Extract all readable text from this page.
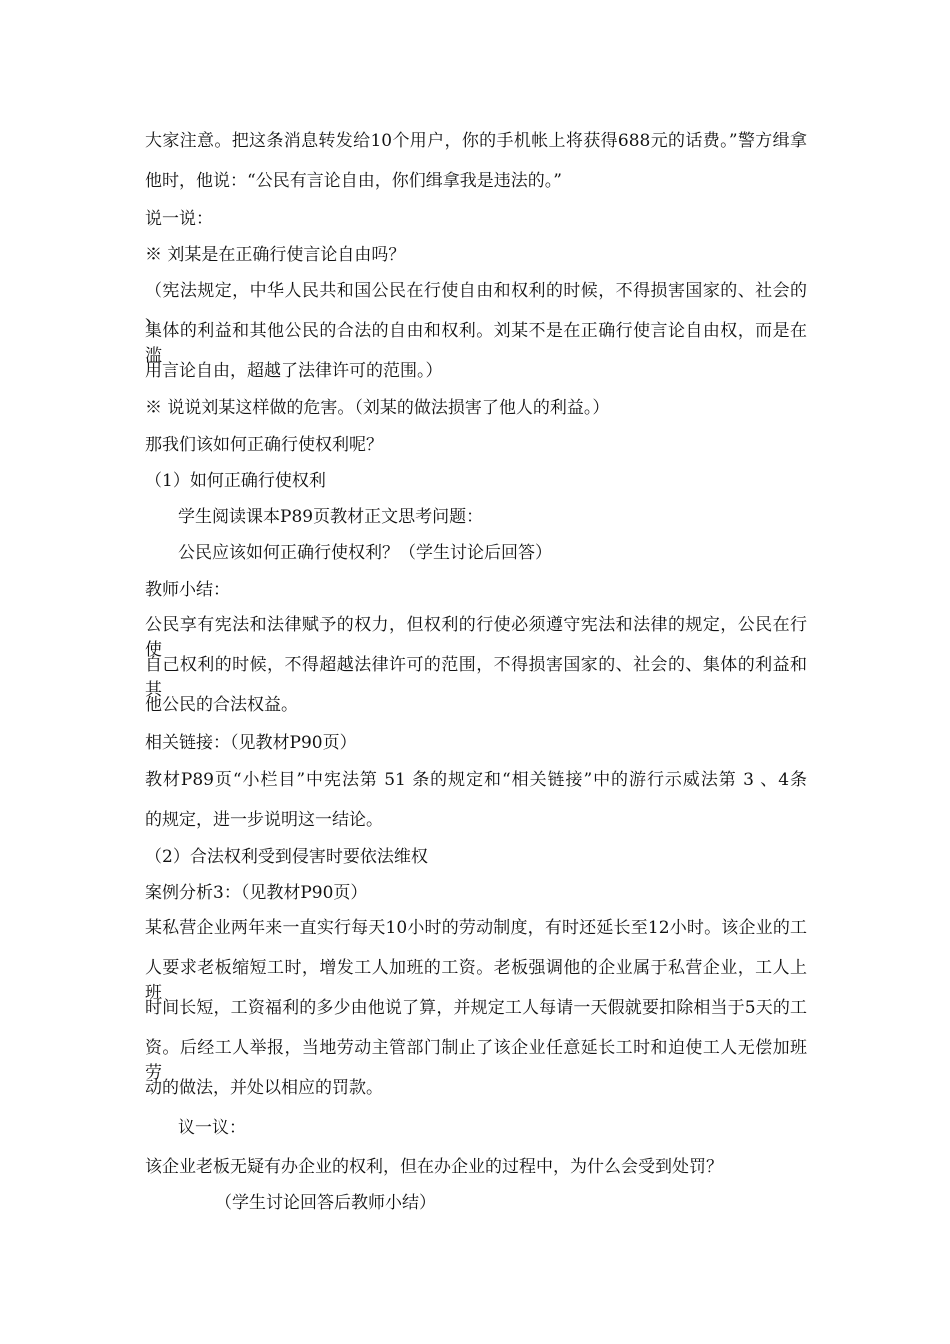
大家注意。把这条消息转发给10个用户，你的手机帐上将获得688元的话费。”警方缉拿
他时，他说：“公民有言论自由，你们缉拿我是违法的。”
说一说：
※ 刘某是在正确行使言论自由吗？
（宪法规定，中华人民共和国公民在行使自由和权利的时候，不得损害国家的、社会的 、
集体的利益和其他公民的合法的自由和权利。刘某不是在正确行使言论自由权，而是在滥
用言论自由，超越了法律许可的范围。）
※ 说说刘某这样做的危害。（刘某的做法损害了他人的利益。）
那我们该如何正确行使权利呢？
（1）如何正确行使权利
学生阅读课本P89页教材正文思考问题：
公民应该如何正确行使权利？（学生讨论后回答）
教师小结：
公民享有宪法和法律赋予的权力，但权利的行使必须遵守宪法和法律的规定，公民在行使
自己权利的时候，不得超越法律许可的范围，不得损害国家的、社会的、集体的利益和其
他公民的合法权益。
相关链接：（见教材P90页）
教材P89页“小栏目”中宪法第 51 条的规定和“相关链接”中的游行示威法第 3 、4条
的规定，进一步说明这一结论。
（2）合法权利受到侵害时要依法维权
案例分析3：（见教材P90页）
某私营企业两年来一直实行每天10小时的劳动制度，有时还延长至12小时。该企业的工
人要求老板缩短工时，增发工人加班的工资。老板强调他的企业属于私营企业，工人上班
时间长短，工资福利的多少由他说了算，并规定工人每请一天假就要扣除相当于5天的工
资。后经工人举报，当地劳动主管部门制止了该企业任意延长工时和迫使工人无偿加班劳
动的做法，并处以相应的罚款。
议一议：
该企业老板无疑有办企业的权利，但在办企业的过程中，为什么会受到处罚？
（学生讨论回答后教师小结）
